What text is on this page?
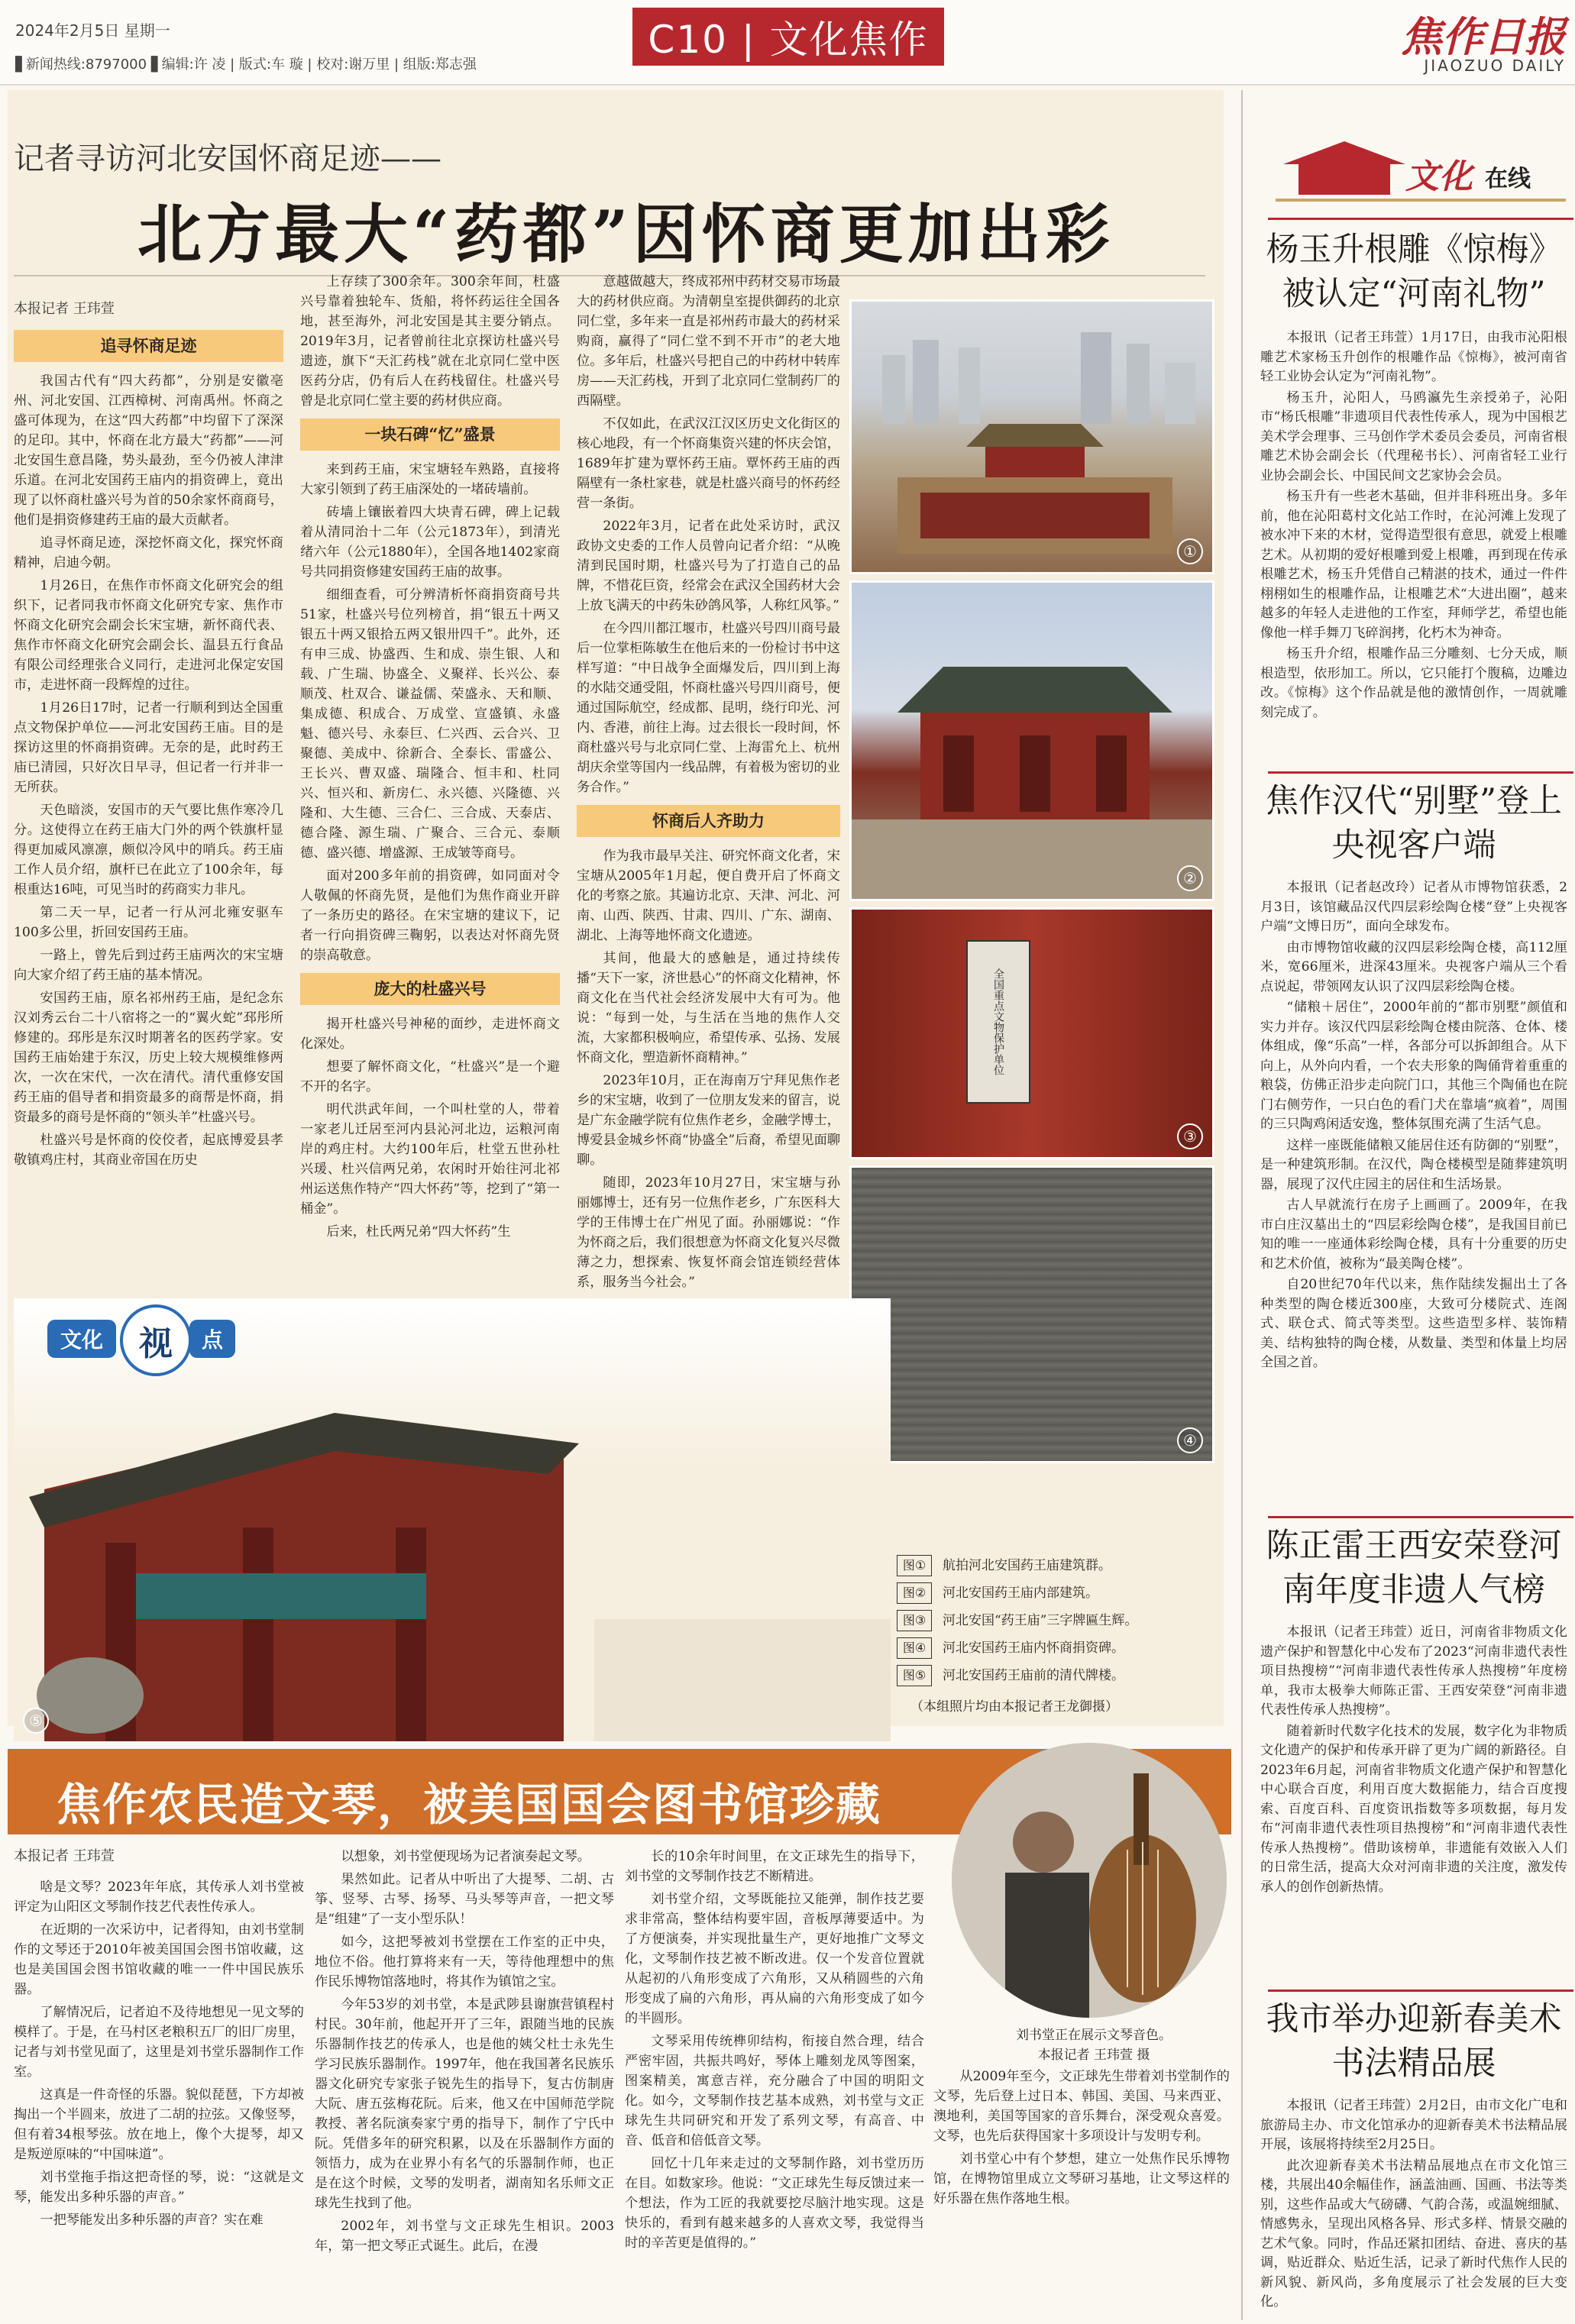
2024年2月5日 星期一
▋新闻热线:8797000 ▋编辑:许 凌 | 版式:车 璇 | 校对:谢万里 | 组版:郑志强
C10 | 文化焦作	焦作日报
JIAOZUO DAILY
记者寻访河北安国怀商足迹——
北方最大“药都”因怀商更加出彩
本报记者 王玮萱
追寻怀商足迹

我国古代有“四大药都”，分别是安徽亳州、河北安国、江西樟树、河南禹州。怀商之盛可体现为，在这“四大药都”中均留下了深深的足印。其中，怀商在北方最大“药都”——河北安国生意昌隆，势头最劲，至今仍被人津津乐道。在河北安国药王庙内的捐资碑上，竟出现了以怀商杜盛兴号为首的50余家怀商商号，他们是捐资修建药王庙的最大贡献者。

追寻怀商足迹，深挖怀商文化，探究怀商精神，启迪今朝。

1月26日，在焦作市怀商文化研究会的组织下，记者同我市怀商文化研究专家、焦作市怀商文化研究会副会长宋宝塘，新怀商代表、焦作市怀商文化研究会副会长、温县五行食品有限公司经理张合义同行，走进河北保定安国市，走进怀商一段辉煌的过往。

1月26日17时，记者一行顺利到达全国重点文物保护单位——河北安国药王庙。目的是探访这里的怀商捐资碑。无奈的是，此时药王庙已清园，只好次日早寻，但记者一行并非一无所获。

天色暗淡，安国市的天气要比焦作寒冷几分。这使得立在药王庙大门外的两个铁旗杆显得更加威风凛凛，颇似冷风中的哨兵。药王庙工作人员介绍，旗杆已在此立了100余年，每根重达16吨，可见当时的药商实力非凡。

第二天一早，记者一行从河北雍安驱车100多公里，折回安国药王庙。

一路上，曾先后到过药王庙两次的宋宝塘向大家介绍了药王庙的基本情况。

安国药王庙，原名祁州药王庙，是纪念东汉刘秀云台二十八宿将之一的“翼火蛇”邳彤所修建的。邳彤是东汉时期著名的医药学家。安国药王庙始建于东汉，历史上较大规模维修两次，一次在宋代，一次在清代。清代重修安国药王庙的倡导者和捐资最多的商帮是怀商，捐资最多的商号是怀商的“领头羊”杜盛兴号。

杜盛兴号是怀商的佼佼者，起底博爱县孝敬镇鸡庄村，其商业帝国在历史

上存续了300余年。300余年间，杜盛兴号靠着独轮车、货船，将怀药运往全国各地，甚至海外，河北安国是其主要分销点。2019年3月，记者曾前往北京探访杜盛兴号遗迹，旗下“天汇药栈”就在北京同仁堂中医医药分店，仍有后人在药栈留住。杜盛兴号曾是北京同仁堂主要的药材供应商。

一块石碑“忆”盛景

来到药王庙，宋宝塘轻车熟路，直接将大家引领到了药王庙深处的一堵砖墙前。

砖墙上镶嵌着四大块青石碑，碑上记载着从清同治十二年（公元1873年），到清光绪六年（公元1880年），全国各地1402家商号共同捐资修建安国药王庙的故事。

细细查看，可分辨清析怀商捐资商号共51家，杜盛兴号位列榜首，捐“银五十两又银五十两又银拾五两又银卅四千”。此外，还有申三成、协盛西、生和成、崇生银、人和载、广生瑞、协盛全、义聚祥、长兴公、泰顺茂、杜双合、谦益儒、荣盛永、天和顺、集成德、积成合、万成堂、宣盛镇、永盛魁、德兴号、永泰巨、仁兴西、云合兴、卫聚德、美成中、徐新合、全泰长、雷盛公、王长兴、曹双盛、瑞隆合、恒丰和、杜同兴、恒兴和、新房仁、永兴德、兴隆德、兴隆和、大生德、三合仁、三合成、天泰店、德合隆、源生瑞、广聚合、三合元、泰顺德、盛兴德、增盛源、王成皱等商号。

面对200多年前的捐资碑，如同面对令人敬佩的怀商先贤，是他们为焦作商业开辟了一条历史的路径。在宋宝塘的建议下，记者一行向捐资碑三鞠躬，以表达对怀商先贤的崇高敬意。

庞大的杜盛兴号

揭开杜盛兴号神秘的面纱，走进怀商文化深处。

想要了解怀商文化，“杜盛兴”是一个避不开的名字。

明代洪武年间，一个叫杜堂的人，带着一家老儿迁居至河内县沁河北边，运粮河南岸的鸡庄村。大约100年后，杜堂五世孙杜兴瑗、杜兴信两兄弟，农闲时开始往河北祁州运送焦作特产“四大怀药”等，挖到了“第一桶金”。

后来，杜氏两兄弟“四大怀药”生

意越做越大，终成祁州中药材交易市场最大的药材供应商。为清朝皇室提供御药的北京同仁堂，多年来一直是祁州药市最大的药材采购商，赢得了“同仁堂不到不开市”的老大地位。多年后，杜盛兴号把自己的中药材中转库房——天汇药栈，开到了北京同仁堂制药厂的西隔壁。

不仅如此，在武汉江汉区历史文化街区的核心地段，有一个怀商集资兴建的怀庆会馆，1689年扩建为覃怀药王庙。覃怀药王庙的西隔壁有一条杜家巷，就是杜盛兴商号的怀药经营一条街。

2022年3月，记者在此处采访时，武汉政协文史委的工作人员曾向记者介绍：“从晚清到民国时期，杜盛兴号为了打造自己的品牌，不惜花巨资，经常会在武汉全国药材大会上放飞满天的中药朱砂鸽风筝，人称红风筝。”

在今四川都江堰市，杜盛兴号四川商号最后一位掌柜陈敏生在他后来的一份检讨书中这样写道：“中日战争全面爆发后，四川到上海的水陆交通受阻，怀商杜盛兴号四川商号，便通过国际航空，经成都、昆明，绕行印光、河内、香港，前往上海。过去很长一段时间，怀商杜盛兴号与北京同仁堂、上海雷允上、杭州胡庆余堂等国内一线品牌，有着极为密切的业务合作。”

怀商后人齐助力

作为我市最早关注、研究怀商文化者，宋宝塘从2005年1月起，便自费开启了怀商文化的考察之旅。其遍访北京、天津、河北、河南、山西、陕西、甘肃、四川、广东、湖南、湖北、上海等地怀商文化遗迹。

其间，他最大的感触是，通过持续传播“天下一家，济世悬心”的怀商文化精神，怀商文化在当代社会经济发展中大有可为。他说：“每到一处，与生活在当地的焦作人交流，大家都积极响应，希望传承、弘扬、发展怀商文化，塑造新怀商精神。”

2023年10月，正在海南万宁拜见焦作老乡的宋宝塘，收到了一位朋友发来的留言，说是广东金融学院有位焦作老乡，金融学博士，博爱县金城乡怀商“协盛全”后裔，希望见面聊聊。

随即，2023年10月27日，宋宝塘与孙丽娜博士，还有另一位焦作老乡，广东医科大学的王伟博士在广州见了面。孙丽娜说：“作为怀商之后，我们很想意为怀商文化复兴尽微薄之力，想探索、恢复怀商会馆连锁经营体系，服务当今社会。”

①
②
全国重点文物保护单位
③
④
⑤
文化	视	点
图①	航拍河北安国药王庙建筑群。
图②	河北安国药王庙内部建筑。
图③	河北安国“药王庙”三字牌匾生辉。
图④	河北安国药王庙内怀商捐资碑。
图⑤	河北安国药王庙前的清代牌楼。
（本组照片均由本报记者王龙御摄）
文化 在线
杨玉升根雕《惊梅》被认定“河南礼物”

本报讯（记者王玮萱）1月17日，由我市沁阳根雕艺术家杨玉升创作的根雕作品《惊梅》，被河南省轻工业协会认定为“河南礼物”。

杨玉升，沁阳人，马鸥瀛先生亲授弟子，沁阳市“杨氏根雕”非遗项目代表性传承人，现为中国根艺美术学会理事、三马创作学术委员会委员，河南省根雕艺术协会副会长（代理秘书长）、河南省轻工业行业协会副会长、中国民间文艺家协会会员。

杨玉升有一些老木基础，但并非科班出身。多年前，他在沁阳葛村文化站工作时，在沁河滩上发现了被水冲下来的木材，觉得造型很有意思，就爱上根雕艺术。从初期的爱好根雕到爱上根雕，再到现在传承根雕艺术，杨玉升凭借自己精湛的技术，通过一件件栩栩如生的根雕作品，让根雕艺术“大进出圈”，越来越多的年轻人走进他的工作室，拜师学艺，希望也能像他一样手舞刀飞碎润拷，化朽木为神奇。

杨玉升介绍，根雕作品三分雕刻、七分天成，顺根造型，依形加工。所以，它只能打个腹稿，边雕边改。《惊梅》这个作品就是他的激情创作，一周就雕刻完成了。

焦作汉代“别墅”登上央视客户端

本报讯（记者赵改玲）记者从市博物馆获悉，2月3日，该馆藏品汉代四层彩绘陶仓楼“登”上央视客户端“文博日历”，面向全球发布。

由市博物馆收藏的汉四层彩绘陶仓楼，高112厘米，宽66厘米，进深43厘米。央视客户端从三个看点说起，带领网友认识了汉四层彩绘陶仓楼。

“储粮＋居住”，2000年前的“都市别墅”颜值和实力并存。该汉代四层彩绘陶仓楼由院落、仓体、楼体组成，像“乐高”一样，各部分可以拆卸组合。从下向上，从外向内看，一个农夫形象的陶俑背着重重的粮袋，仿佛正沿步走向院门口，其他三个陶俑也在院门右侧劳作，一只白色的看门犬在靠墙“疯着”，周围的三只陶鸡闲适安逸，整体氛围充满了生活气息。

这样一座既能储粮又能居住还有防御的“别墅”，是一种建筑形制。在汉代，陶仓楼模型是随葬建筑明器，展现了汉代庄园主的居住和生活场景。

古人早就流行在房子上画画了。2009年，在我市白庄汉墓出土的“四层彩绘陶仓楼”，是我国目前已知的唯一一座通体彩绘陶仓楼，具有十分重要的历史和艺术价值，被称为“最美陶仓楼”。

自20世纪70年代以来，焦作陆续发掘出土了各种类型的陶仓楼近300座，大致可分楼院式、连阁式、联仓式、简式等类型。这些造型多样、装饰精美、结构独特的陶仓楼，从数量、类型和体量上均居全国之首。

陈正雷王西安荣登河南年度非遗人气榜

本报讯（记者王玮萱）近日，河南省非物质文化遗产保护和智慧化中心发布了2023“河南非遗代表性项目热搜榜”“河南非遗代表性传承人热搜榜”年度榜单，我市太极拳大师陈正雷、王西安荣登“河南非遗代表性传承人热搜榜”。

随着新时代数字化技术的发展，数字化为非物质文化遗产的保护和传承开辟了更为广阔的新路径。自2023年6月起，河南省非物质文化遗产保护和智慧化中心联合百度，利用百度大数据能力，结合百度搜索、百度百科、百度资讯指数等多项数据，每月发布“河南非遗代表性项目热搜榜”和“河南非遗代表性传承人热搜榜”。借助该榜单，非遗能有效嵌入人们的日常生活，提高大众对河南非遗的关注度，激发传承人的创作创新热情。

我市举办迎新春美术书法精品展

本报讯（记者王玮萱）2月2日，由市文化广电和旅游局主办、市文化馆承办的迎新春美术书法精品展开展，该展将持续至2月25日。

此次迎新春美术书法精品展地点在市文化馆三楼，共展出40余幅佳作，涵盖油画、国画、书法等类别，这些作品或大气磅礴、气韵合荡，或温婉细腻、情感隽永，呈现出风格各异、形式多样、情景交融的艺术气象。同时，作品还紧扣团结、奋进、喜庆的基调，贴近群众、贴近生活，记录了新时代焦作人民的新风貌、新风尚，多角度展示了社会发展的巨大变化。

焦作农民造文琴，被美国国会图书馆珍藏
刘书堂正在展示文琴音色。
本报记者 王玮萱 摄
本报记者 王玮萱

啥是文琴？2023年年底，其传承人刘书堂被评定为山阳区文琴制作技艺代表性传承人。

在近期的一次采访中，记者得知，由刘书堂制作的文琴还于2010年被美国国会图书馆收藏，这也是美国国会图书馆收藏的唯一一件中国民族乐器。

了解情况后，记者迫不及待地想见一见文琴的模样了。于是，在马村区老粮积五厂的旧厂房里，记者与刘书堂见面了，这里是刘书堂乐器制作工作室。

这真是一件奇怪的乐器。貌似琵琶，下方却被掏出一个半圆来，放进了二胡的拉弦。又像竖琴，但有着34根琴弦。放在地上，像个大提琴，却又是叛逆原味的“中国味道”。

刘书堂拖手指这把奇怪的琴，说：“这就是文琴，能发出多种乐器的声音。”

一把琴能发出多种乐器的声音？实在难

以想象，刘书堂便现场为记者演奏起文琴。

果然如此。记者从中听出了大提琴、二胡、古筝、竖琴、古琴、扬琴、马头琴等声音，一把文琴是“组建”了一支小型乐队！

如今，这把琴被刘书堂摆在工作室的正中央，地位不俗。他打算将来有一天，等待他理想中的焦作民乐博物馆落地时，将其作为镇馆之宝。

今年53岁的刘书堂，本是武陟县谢旗营镇程村村民。30年前，他起开开了三年，跟随当地的民族乐器制作技艺的传承人，也是他的姨父杜士永先生学习民族乐器制作。1997年，他在我国著名民族乐器文化研究专家张子锐先生的指导下，复古仿制唐大阮、唐五弦梅花阮。后来，他又在中国师范学院教授、著名阮演奏家宁勇的指导下，制作了宁氏中阮。凭借多年的研究积累，以及在乐器制作方面的领悟力，成为在业界小有名气的乐器制作师，也正是在这个时候，文琴的发明者，湖南知名乐师文正球先生找到了他。

2002年，刘书堂与文正球先生相识。2003年，第一把文琴正式诞生。此后，在漫

长的10余年时间里，在文正球先生的指导下，刘书堂的文琴制作技艺不断精进。

刘书堂介绍，文琴既能拉又能弹，制作技艺要求非常高，整体结构要牢固，音板厚薄要适中。为了方便演奏，并实现批量生产，更好地推广文琴文化，文琴制作技艺被不断改进。仅一个发音位置就从起初的八角形变成了六角形，又从稍圆些的六角形变成了扁的六角形，再从扁的六角形变成了如今的半圆形。

文琴采用传统榫卯结构，衔接自然合理，结合严密牢固，共振共鸣好，琴体上雕刻龙凤等图案，图案精美，寓意吉祥，充分融合了中国的明阳文化。如今，文琴制作技艺基本成熟，刘书堂与文正球先生共同研究和开发了系列文琴，有高音、中音、低音和倍低音文琴。

回忆十几年来走过的文琴制作路，刘书堂历历在目。如数家珍。他说：“文正球先生每反馈过来一个想法，作为工匠的我就要挖尽脑汁地实现。这是快乐的，看到有越来越多的人喜欢文琴，我觉得当时的辛苦更是值得的。”

从2009年至今，文正球先生带着刘书堂制作的文琴，先后登上过日本、韩国、美国、马来西亚、澳地利，美国等国家的音乐舞台，深受观众喜爱。文琴，也先后获得国家十多项设计与发明专利。

刘书堂心中有个梦想，建立一处焦作民乐博物馆，在博物馆里成立文琴研习基地，让文琴这样的好乐器在焦作落地生根。
